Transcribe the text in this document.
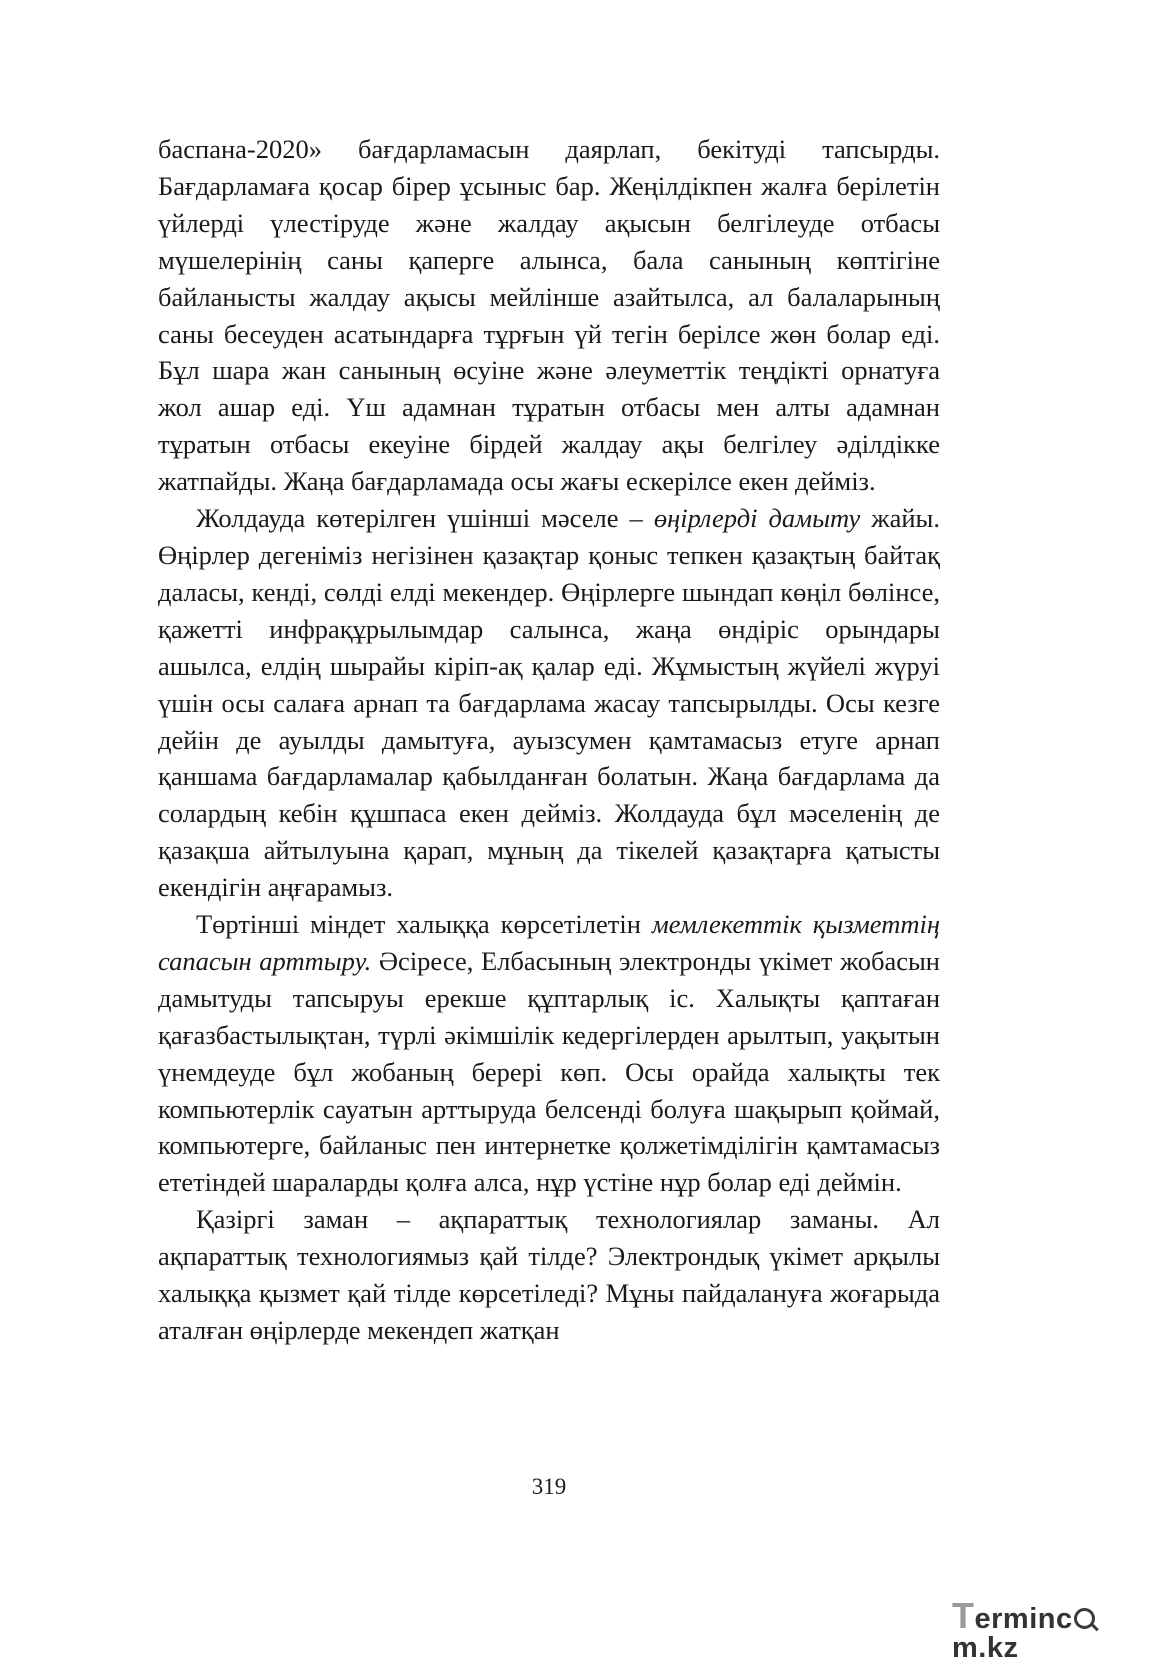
баспана-2020» бағдарламасын даярлап, бекітуді тапсырды. Бағдарламаға қосар бірер ұсыныс бар. Жеңілдікпен жалға берілетін үйлерді үлестіруде және жалдау ақысын белгілеуде отбасы мүшелерінің саны қаперге алынса, бала санының көптігіне байланысты жалдау ақысы мейлінше азайтылса, ал балаларының саны бесеуден асатындарға тұрғын үй тегін берілсе жөн болар еді. Бұл шара жан санының өсуіне және әлеуметтік теңдікті орнатуға жол ашар еді. Үш адамнан тұратын отбасы мен алты адамнан тұратын отбасы екеуіне бірдей жалдау ақы белгілеу әділдікке жатпайды. Жаңа бағдарламада осы жағы ескерілсе екен дейміз.

Жолдауда көтерілген үшінші мәселе – өңірлерді дамыту жайы. Өңірлер дегеніміз негізінен қазақтар қоныс тепкен қазақтың байтақ даласы, кенді, сөлді елді мекендер. Өңірлерге шындап көңіл бөлінсе, қажетті инфрақұрылымдар салынса, жаңа өндіріс орындары ашылса, елдің шырайы кіріп-ақ қалар еді. Жұмыстың жүйелі жүруі үшін осы салаға арнап та бағдарлама жасау тапсырылды. Осы кезге дейін де ауылды дамытуға, ауызсумен қамтамасыз етуге арнап қаншама бағдарламалар қабылданған болатын. Жаңа бағдарлама да солардың кебін құшпаса екен дейміз. Жолдауда бұл мәселенің де қазақша айтылуына қарап, мұның да тікелей қазақтарға қатысты екендігін аңғарамыз.

Төртінші міндет халыққа көрсетілетін мемлекеттік қызметтің сапасын арттыру. Әсіресе, Елбасының электронды үкімет жобасын дамытуды тапсыруы ерекше құптарлық іс. Халықты қаптаған қағазбастылықтан, түрлі әкімшілік кедергілерден арылтып, уақытын үнемдеуде бұл жобаның берері көп. Осы орайда халықты тек компьютерлік сауатын арттыруда белсенді болуға шақырып қоймай, компьютерге, байланыс пен интернетке қолжетімділігін қамтамасыз ететіндей шараларды қолға алса, нұр үстіне нұр болар еді деймін.

Қазіргі заман – ақпараттық технологиялар заманы. Ал ақпараттық технологиямыз қай тілде? Электрондық үкімет арқылы халыққа қызмет қай тілде көрсетіледі? Мұны пайдалануға жоғарыда аталған өңірлерде мекендеп жатқан

319
Termincm.kz
